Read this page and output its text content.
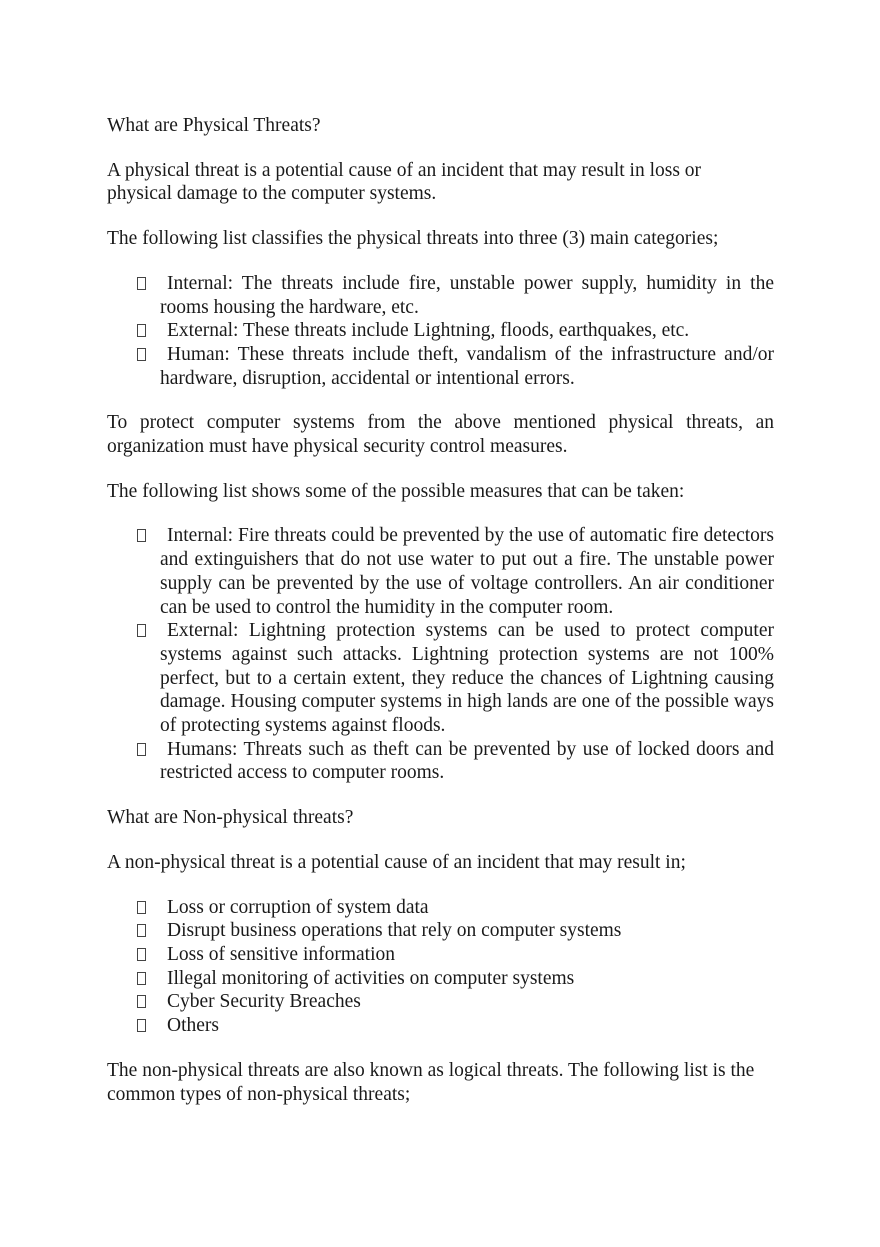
What are Physical Threats?

A physical threat is a potential cause of an incident that may result in loss or physical damage to the computer systems.

The following list classifies the physical threats into three (3) main categories;

Internal: The threats include fire, unstable power supply, humidity in the rooms housing the hardware, etc.
External: These threats include Lightning, floods, earthquakes, etc.
Human: These threats include theft, vandalism of the infrastructure and/or hardware, disruption, accidental or intentional errors.

To protect computer systems from the above mentioned physical threats, an organization must have physical security control measures.

The following list shows some of the possible measures that can be taken:

Internal: Fire threats could be prevented by the use of automatic fire detectors and extinguishers that do not use water to put out a fire. The unstable power supply can be prevented by the use of voltage controllers. An air conditioner can be used to control the humidity in the computer room.
External: Lightning protection systems can be used to protect computer systems against such attacks. Lightning protection systems are not 100% perfect, but to a certain extent, they reduce the chances of Lightning causing damage. Housing computer systems in high lands are one of the possible ways of protecting systems against floods.
Humans: Threats such as theft can be prevented by use of locked doors and restricted access to computer rooms.

What are Non-physical threats?

A non-physical threat is a potential cause of an incident that may result in;

Loss or corruption of system data
Disrupt business operations that rely on computer systems
Loss of sensitive information
Illegal monitoring of activities on computer systems
Cyber Security Breaches
Others

The non-physical threats are also known as logical threats. The following list is the common types of non-physical threats;
